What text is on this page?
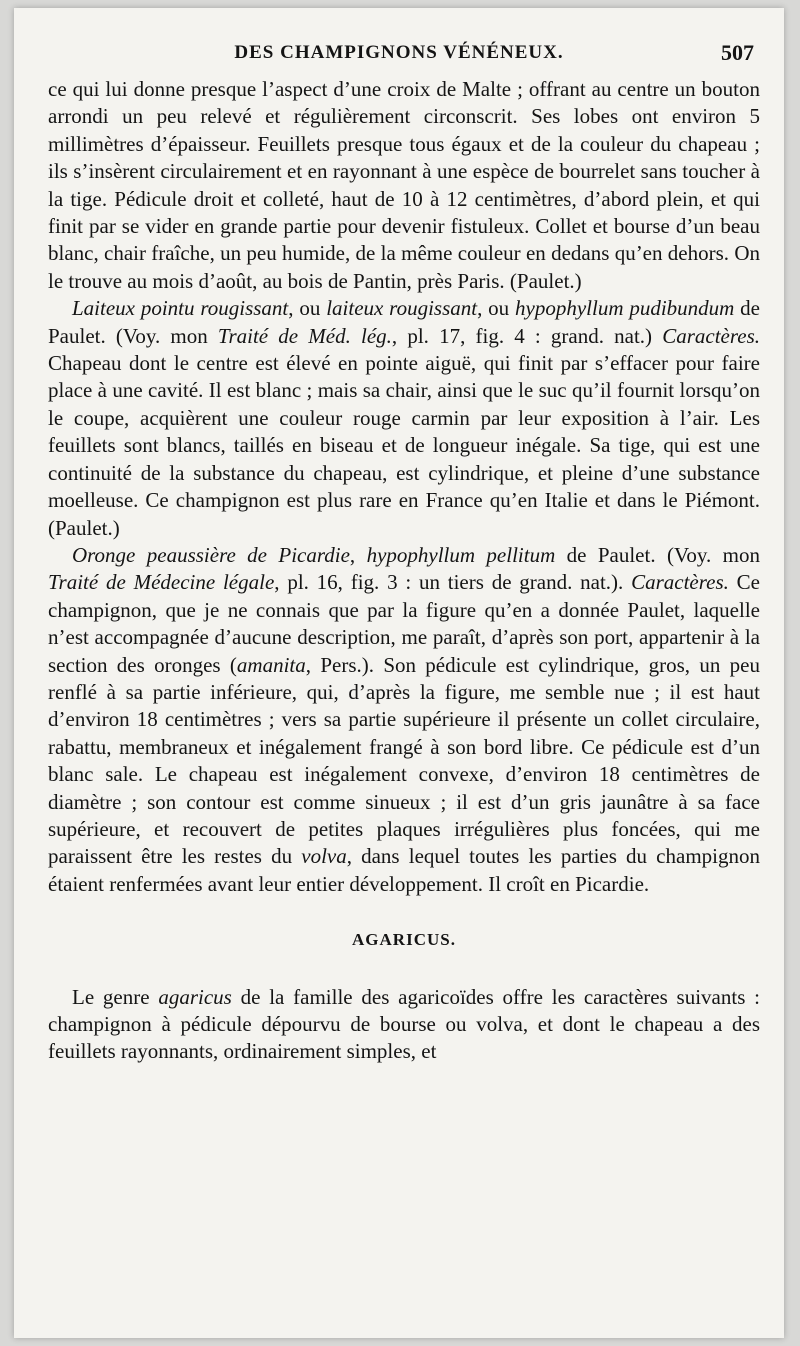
DES CHAMPIGNONS VÉNÉNEUX.	507

ce qui lui donne presque l’aspect d’une croix de Malte ; offrant au centre un bouton arrondi un peu relevé et régulièrement circonscrit. Ses lobes ont environ 5 millimètres d’épaisseur. Feuillets presque tous égaux et de la couleur du chapeau ; ils s’insèrent circulairement et en rayonnant à une espèce de bourrelet sans toucher à la tige. Pédicule droit et colleté, haut de 10 à 12 centimètres, d’abord plein, et qui finit par se vider en grande partie pour devenir fistuleux. Collet et bourse d’un beau blanc, chair fraîche, un peu humide, de la même couleur en dedans qu’en dehors. On le trouve au mois d’août, au bois de Pantin, près Paris. (Paulet.)

Laiteux pointu rougissant, ou laiteux rougissant, ou hypophyllum pudibundum de Paulet. (Voy. mon Traité de Méd. lég., pl. 17, fig. 4 : grand. nat.) Caractères. Chapeau dont le centre est élevé en pointe aiguë, qui finit par s’effacer pour faire place à une cavité. Il est blanc ; mais sa chair, ainsi que le suc qu’il fournit lorsqu’on le coupe, acquièrent une couleur rouge carmin par leur exposition à l’air. Les feuillets sont blancs, taillés en biseau et de longueur inégale. Sa tige, qui est une continuité de la substance du chapeau, est cylindrique, et pleine d’une substance moelleuse. Ce champignon est plus rare en France qu’en Italie et dans le Piémont. (Paulet.)

Oronge peaussière de Picardie, hypophyllum pellitum de Paulet. (Voy. mon Traité de Médecine légale, pl. 16, fig. 3 : un tiers de grand. nat.). Caractères. Ce champignon, que je ne connais que par la figure qu’en a donnée Paulet, laquelle n’est accompagnée d’aucune description, me paraît, d’après son port, appartenir à la section des oronges (amanita, Pers.). Son pédicule est cylindrique, gros, un peu renflé à sa partie inférieure, qui, d’après la figure, me semble nue ; il est haut d’environ 18 centimètres ; vers sa partie supérieure il présente un collet circulaire, rabattu, membraneux et inégalement frangé à son bord libre. Ce pédicule est d’un blanc sale. Le chapeau est inégalement convexe, d’environ 18 centimètres de diamètre ; son contour est comme sinueux ; il est d’un gris jaunâtre à sa face supérieure, et recouvert de petites plaques irrégulières plus foncées, qui me paraissent être les restes du volva, dans lequel toutes les parties du champignon étaient renfermées avant leur entier développement. Il croît en Picardie.

AGARICUS.

Le genre agaricus de la famille des agaricoïdes offre les caractères suivants : champignon à pédicule dépourvu de bourse ou volva, et dont le chapeau a des feuillets rayonnants, ordinairement simples, et
